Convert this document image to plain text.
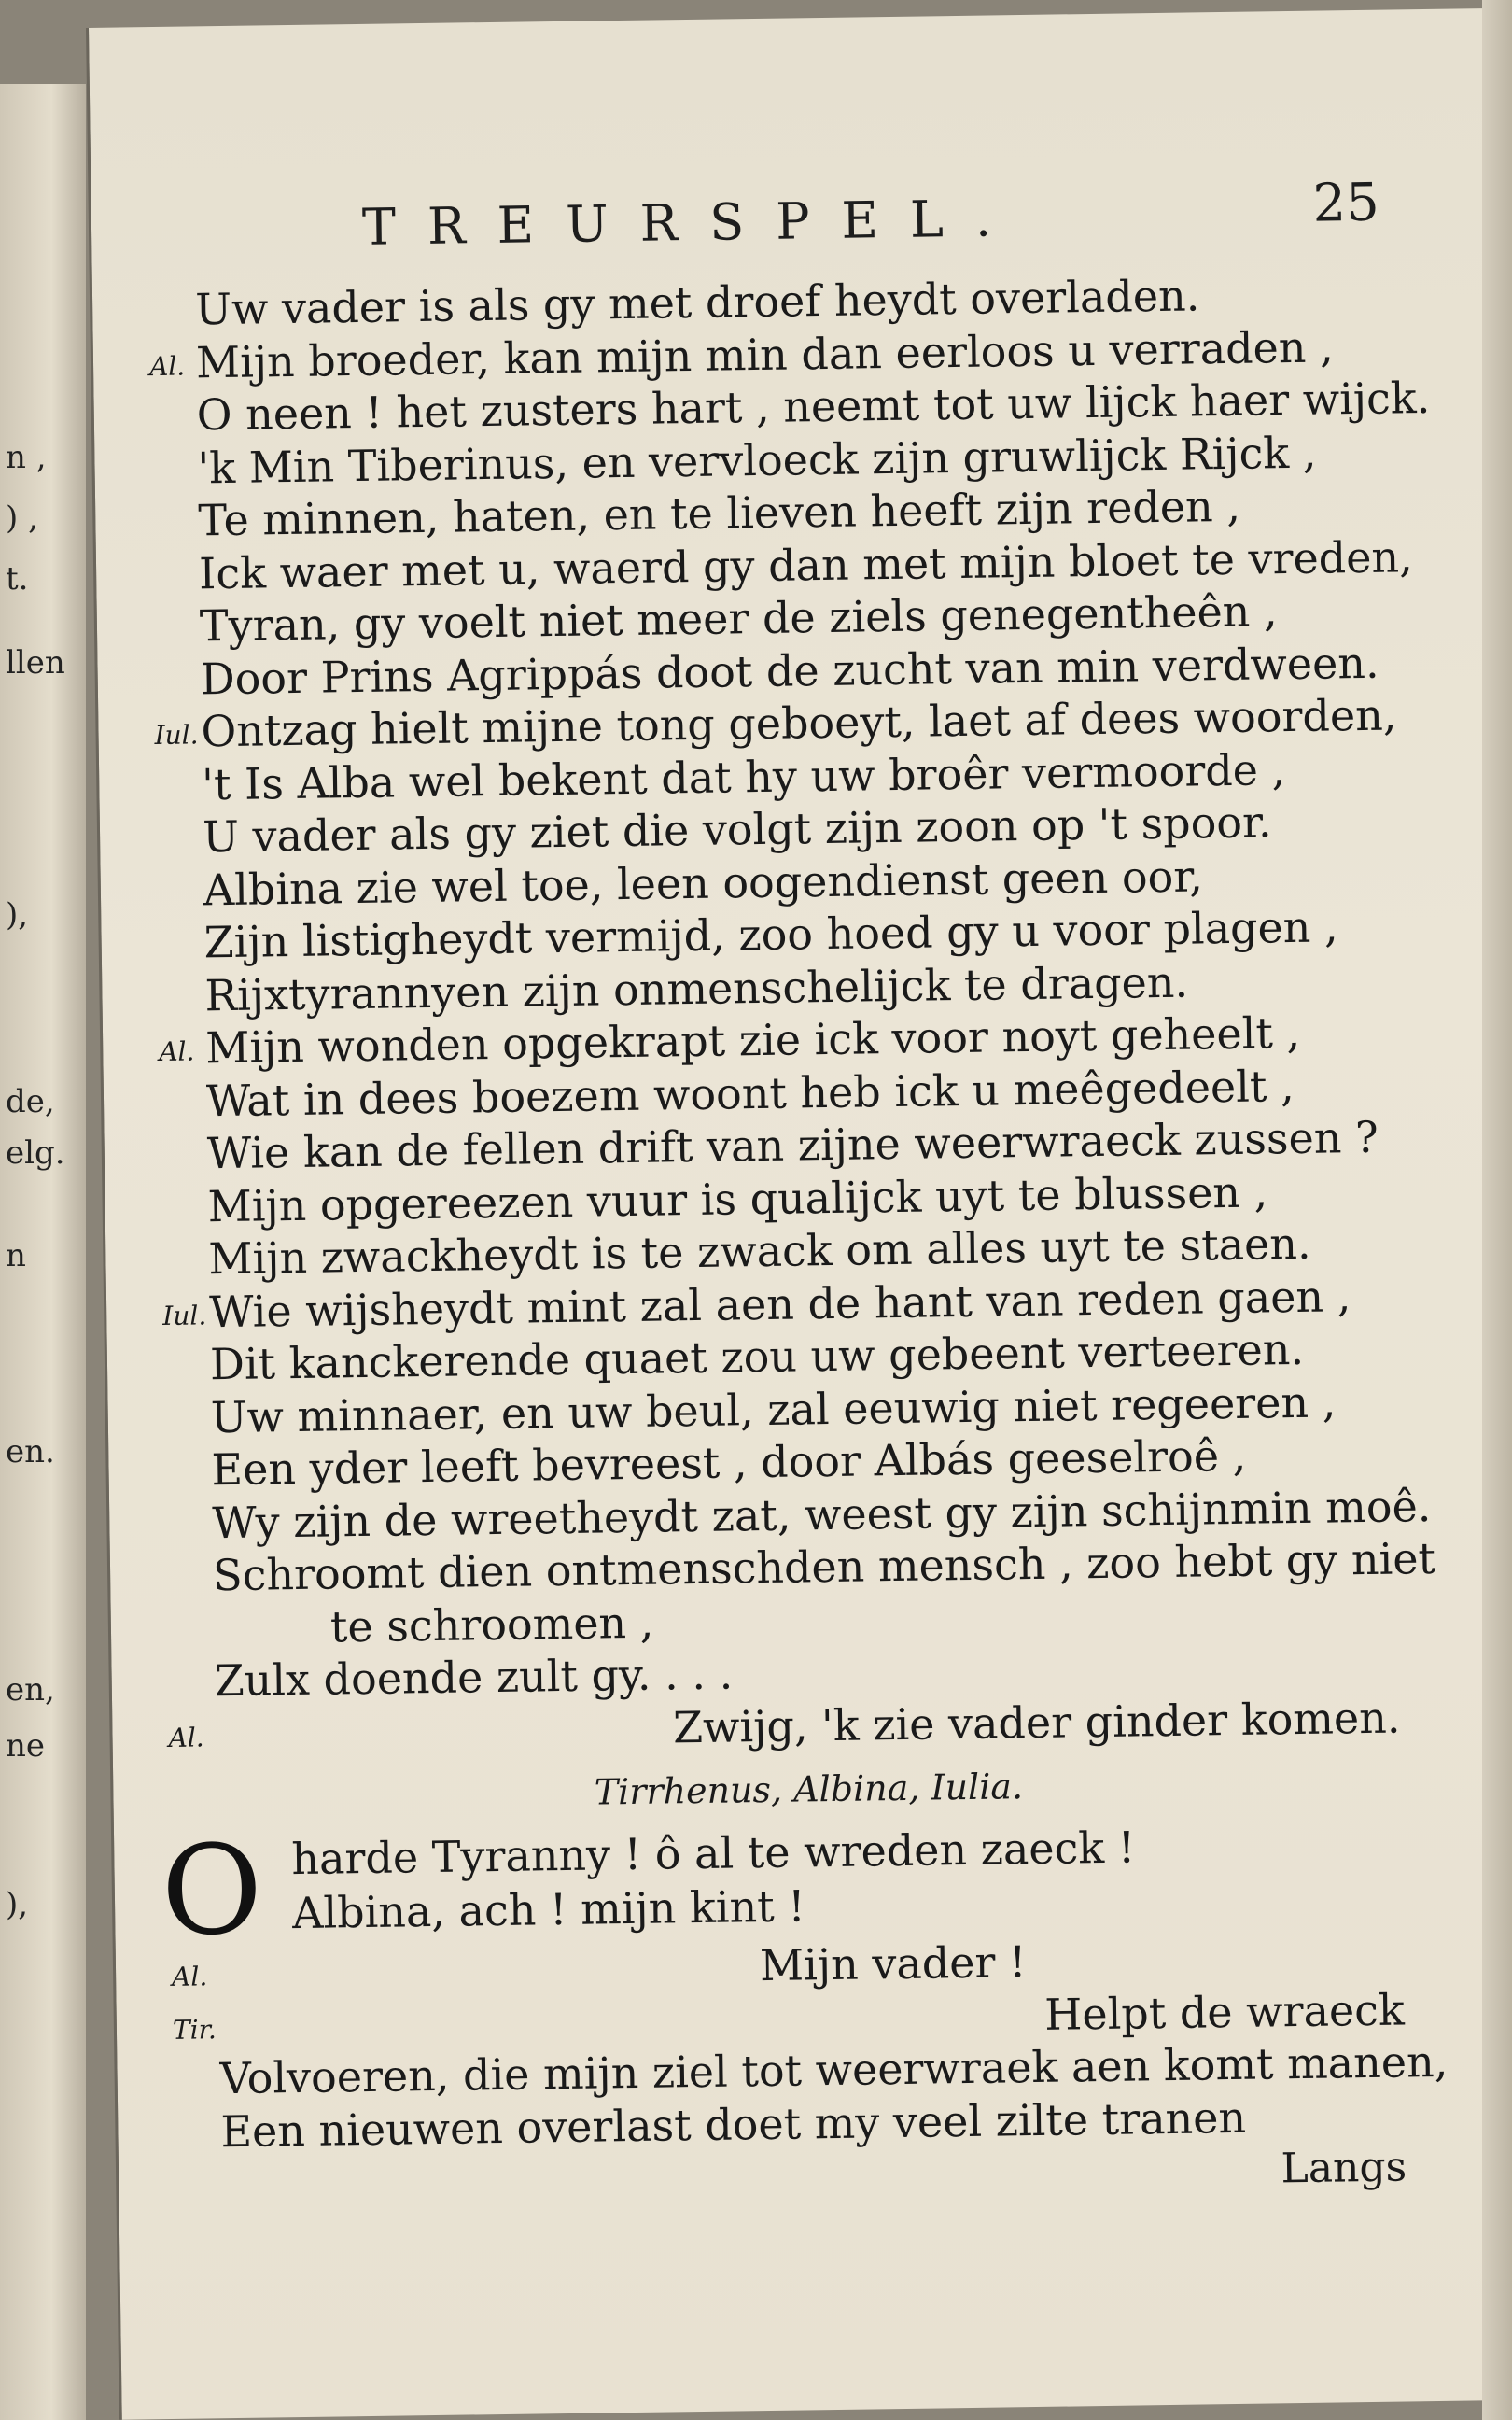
n ,
) ,
t.
llen
),
de,
elg.
n
en.
en,
ne
),
TREURSPEL.	25
Uw vader is als gy met droef heydt overladen.
Al. Mijn broeder, kan mijn min dan eerloos u verraden ,
O neen ! het zusters hart , neemt tot uw lijck haer wijck.
'k Min Tiberinus, en vervloeck zijn gruwlijck Rijck ,
Te minnen, haten, en te lieven heeft zijn reden ,
Ick waer met u, waerd gy dan met mijn bloet te vreden,
Tyran, gy voelt niet meer de ziels genegentheên ,
Door Prins Agrippás doot de zucht van min verdween.
Iul. Ontzag hielt mijne tong geboeyt, laet af dees woorden,
't Is Alba wel bekent dat hy uw broêr vermoorde ,
U vader als gy ziet die volgt zijn zoon op 't spoor.
Albina zie wel toe, leen oogendienst geen oor,
Zijn listigheydt vermijd, zoo hoed gy u voor plagen ,
Rijxtyrannyen zijn onmenschelijck te dragen.
Al. Mijn wonden opgekrapt zie ick voor noyt geheelt ,
Wat in dees boezem woont heb ick u meêgedeelt ,
Wie kan de fellen drift van zijne weerwraeck zussen ?
Mijn opgereezen vuur is qualijck uyt te blussen ,
Mijn zwackheydt is te zwack om alles uyt te staen.
Iul. Wie wijsheydt mint zal aen de hant van reden gaen ,
Dit kanckerende quaet zou uw gebeent verteeren.
Uw minnaer, en uw beul, zal eeuwig niet regeeren ,
Een yder leeft bevreest , door Albás geeselroê ,
Wy zijn de wreetheydt zat, weest gy zijn schijnmin moê.
Schroomt dien ontmenschden mensch , zoo hebt gy niet
te schroomen ,
Zulx doende zult gy. . . .
Al.	Zwijg, 'k zie vader ginder komen.
Tirrhenus, Albina, Iulia.
O harde Tyranny ! ô al te wreden zaeck !
Albina, ach ! mijn kint !
Al.	Mijn vader !
Tir.	Helpt de wraeck
Volvoeren, die mijn ziel tot weerwraek aen komt manen,
Een nieuwen overlast doet my veel zilte tranen
Langs
